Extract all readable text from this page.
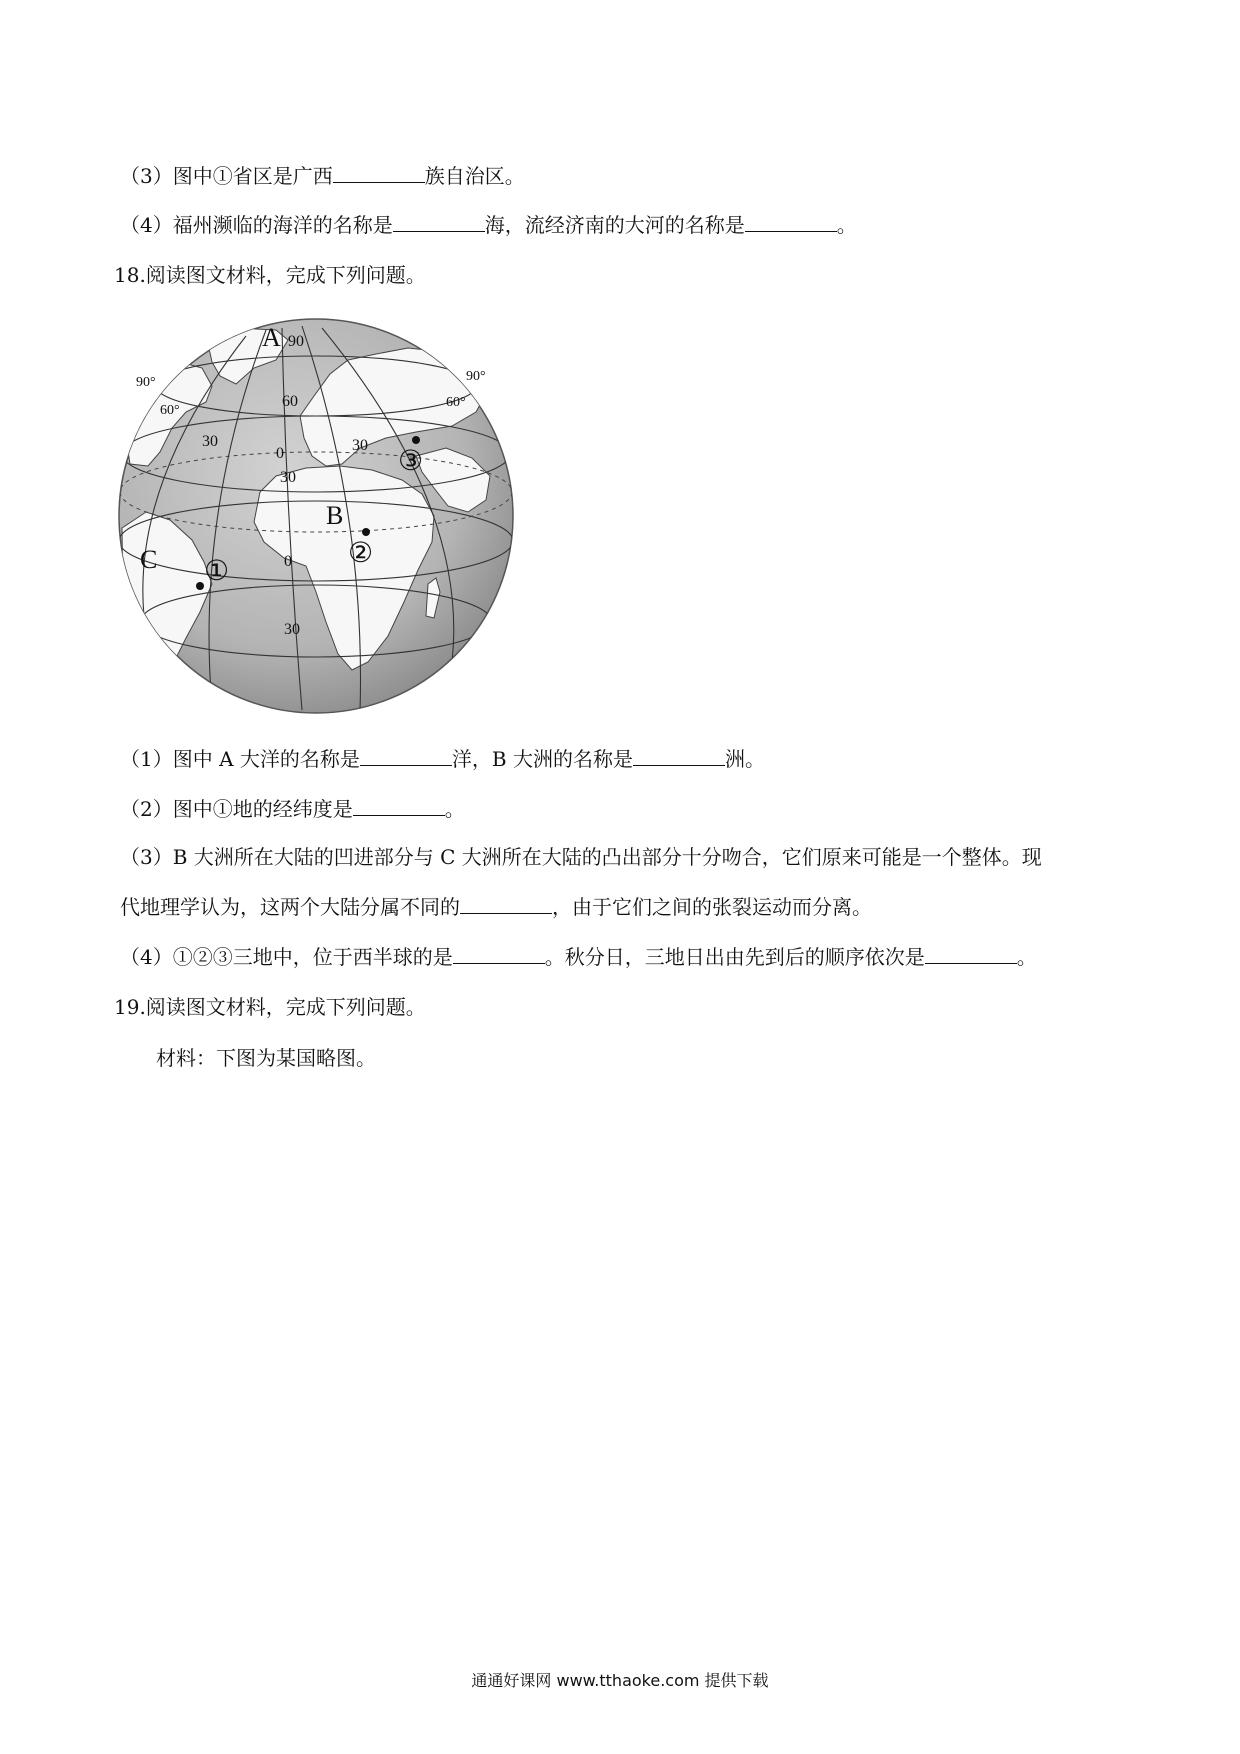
（3）图中①省区是广西	族自治区。
（4）福州濒临的海洋的名称是	海，流经济南的大河的名称是	。
18.阅读图文材料，完成下列问题。
90
60
30
0	30
30
0
30
60°
90°
60°
90°
A
B
C ①
②
③
（1）图中 A 大洋的名称是	洋，B 大洲的名称是	洲。
（2）图中①地的经纬度是	。
（3）B 大洲所在大陆的凹进部分与 C 大洲所在大陆的凸出部分十分吻合，它们原来可能是一个整体。现
代地理学认为，这两个大陆分属不同的	，由于它们之间的张裂运动而分离。
（4）①②③三地中，位于西半球的是	。秋分日，三地日出由先到后的顺序依次是	。
19.阅读图文材料，完成下列问题。
材料：下图为某国略图。
通通好课网 www.tthaoke.com 提供下载
